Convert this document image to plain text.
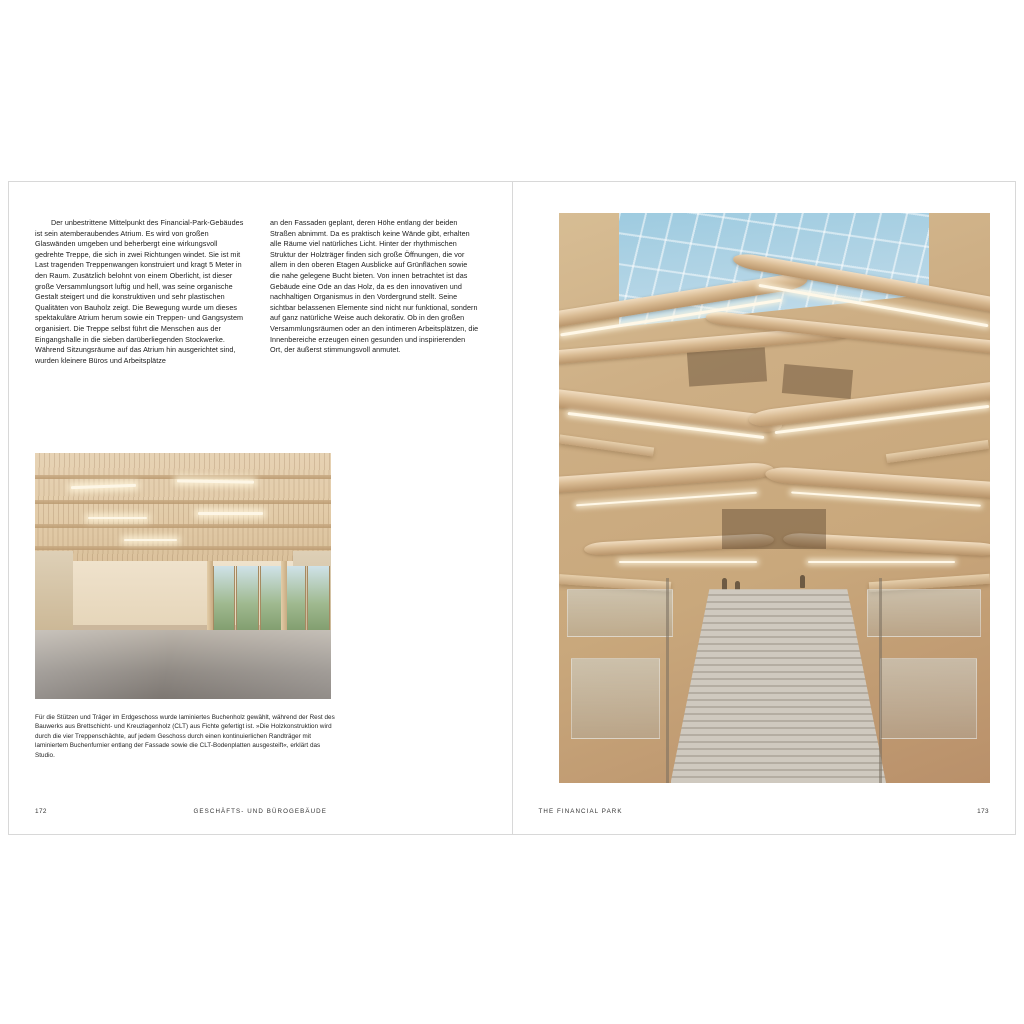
Der unbestrittene Mittelpunkt des Financial-Park-Gebäudes ist sein atemberaubendes Atrium. Es wird von großen Glaswänden umgeben und beherbergt eine wirkungsvoll gedrehte Treppe, die sich in zwei Richtungen windet. Sie ist mit Last tragenden Treppenwangen konstruiert und kragt 5 Meter in den Raum. Zusätzlich belohnt von einem Oberlicht, ist dieser große Versammlungsort luftig und hell, was seine organische Gestalt steigert und die konstruktiven und sehr plastischen Qualitäten von Bauholz zeigt. Die Bewegung wurde um dieses spektakuläre Atrium herum sowie ein Treppen- und Gangsystem organisiert. Die Treppe selbst führt die Menschen aus der Eingangshalle in die sieben darüberliegenden Stockwerke. Während Sitzungsräume auf das Atrium hin ausgerichtet sind, wurden kleinere Büros und Arbeitsplätze

an den Fassaden geplant, deren Höhe entlang der beiden Straßen abnimmt. Da es praktisch keine Wände gibt, erhalten alle Räume viel natürliches Licht. Hinter der rhythmischen Struktur der Holzträger finden sich große Öffnungen, die vor allem in den oberen Etagen Ausblicke auf Grünflächen sowie die nahe gelegene Bucht bieten. Von innen betrachtet ist das Gebäude eine Ode an das Holz, da es den innovativen und nachhaltigen Organismus in den Vordergrund stellt. Seine sichtbar belassenen Elemente sind nicht nur funktional, sondern auf ganz natürliche Weise auch dekorativ. Ob in den großen Versammlungsräumen oder an den intimeren Arbeitsplätzen, die Innenbereiche erzeugen einen gesunden und inspirierenden Ort, der äußerst stimmungsvoll anmutet.

Für die Stützen und Träger im Erdgeschoss wurde laminiertes Buchenholz gewählt, während der Rest des Bauwerks aus Brettschicht- und Kreuzlagenholz (CLT) aus Fichte gefertigt ist. »Die Holzkonstruktion wird durch die vier Treppenschächte, auf jedem Geschoss durch einen kontinuierlichen Randträger mit laminiertem Buchenfurnier entlang der Fassade sowie die CLT-Bodenplatten ausgesteift«, erklärt das Studio.

172	GESCHÄFTS- UND BÜROGEBÄUDE	THE FINANCIAL PARK	173
